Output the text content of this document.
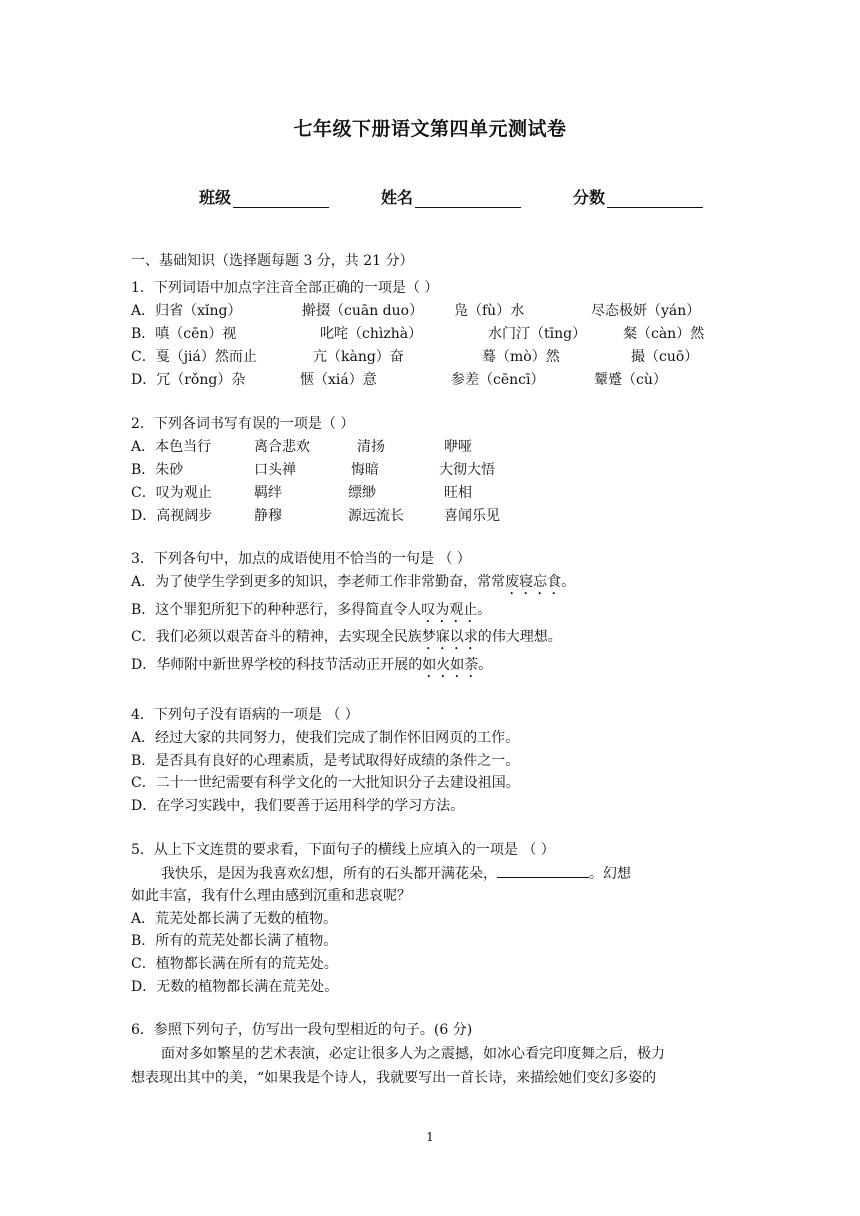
七年级下册语文第四单元测试卷
班级	姓名	分数
一、基础知识（选择题每题 3 分，共 21 分）
1．下列词语中加点字注音全部正确的一项是（ ）
A．归省（xǐng）	擀掇（cuān duo） 凫（fù）水	尽态极妍（yán）
B．嗔（cēn）视	叱咤（chìzhà）	水门汀（tīng）	粲（càn）然
C．戛（jiá）然而止	亢（kàng）奋	蓦（mò）然	撮（cuō）
D．冗（rǒng）杂	惬（xiá）意	参差（cēncī）	颦蹙（cù）
2．下列各词书写有误的一项是（ ）
A．本色当行	离合悲欢	清扬	咿哑
B．朱砂	口头禅	悔暗	大彻大悟
C．叹为观止	羁绊	缥缈	旺相
D．高视阔步	静穆	源远流长	喜闻乐见
3．下列各句中，加点的成语使用不恰当的一句是 （ ）
A．为了使学生学到更多的知识，李老师工作非常勤奋，常常废寝忘食。
B．这个罪犯所犯下的种种恶行，多得简直令人叹为观止。
C．我们必须以艰苦奋斗的精神，去实现全民族梦寐以求的伟大理想。
D．华师附中新世界学校的科技节活动正开展的如火如荼。
4．下列句子没有语病的一项是 （ ）
A．经过大家的共同努力，使我们完成了制作怀旧网页的工作。
B．是否具有良好的心理素质，是考试取得好成绩的条件之一。
C．二十一世纪需要有科学文化的一大批知识分子去建设祖国。
D．在学习实践中，我们要善于运用科学的学习方法。
5．从上下文连贯的要求看，下面句子的横线上应填入的一项是 （ ）
我快乐，是因为我喜欢幻想，所有的石头都开满花朵，	。幻想
如此丰富，我有什么理由感到沉重和悲哀呢？
A．荒芜处都长满了无数的植物。
B．所有的荒芜处都长满了植物。
C．植物都长满在所有的荒芜处。
D．无数的植物都长满在荒芜处。
6．参照下列句子，仿写出一段句型相近的句子。(6 分)
面对多如繁星的艺术表演，必定让很多人为之震撼，如冰心看完印度舞之后，极力
想表现出其中的美，“如果我是个诗人，我就要写出一首长诗，来描绘她们变幻多姿的
1
